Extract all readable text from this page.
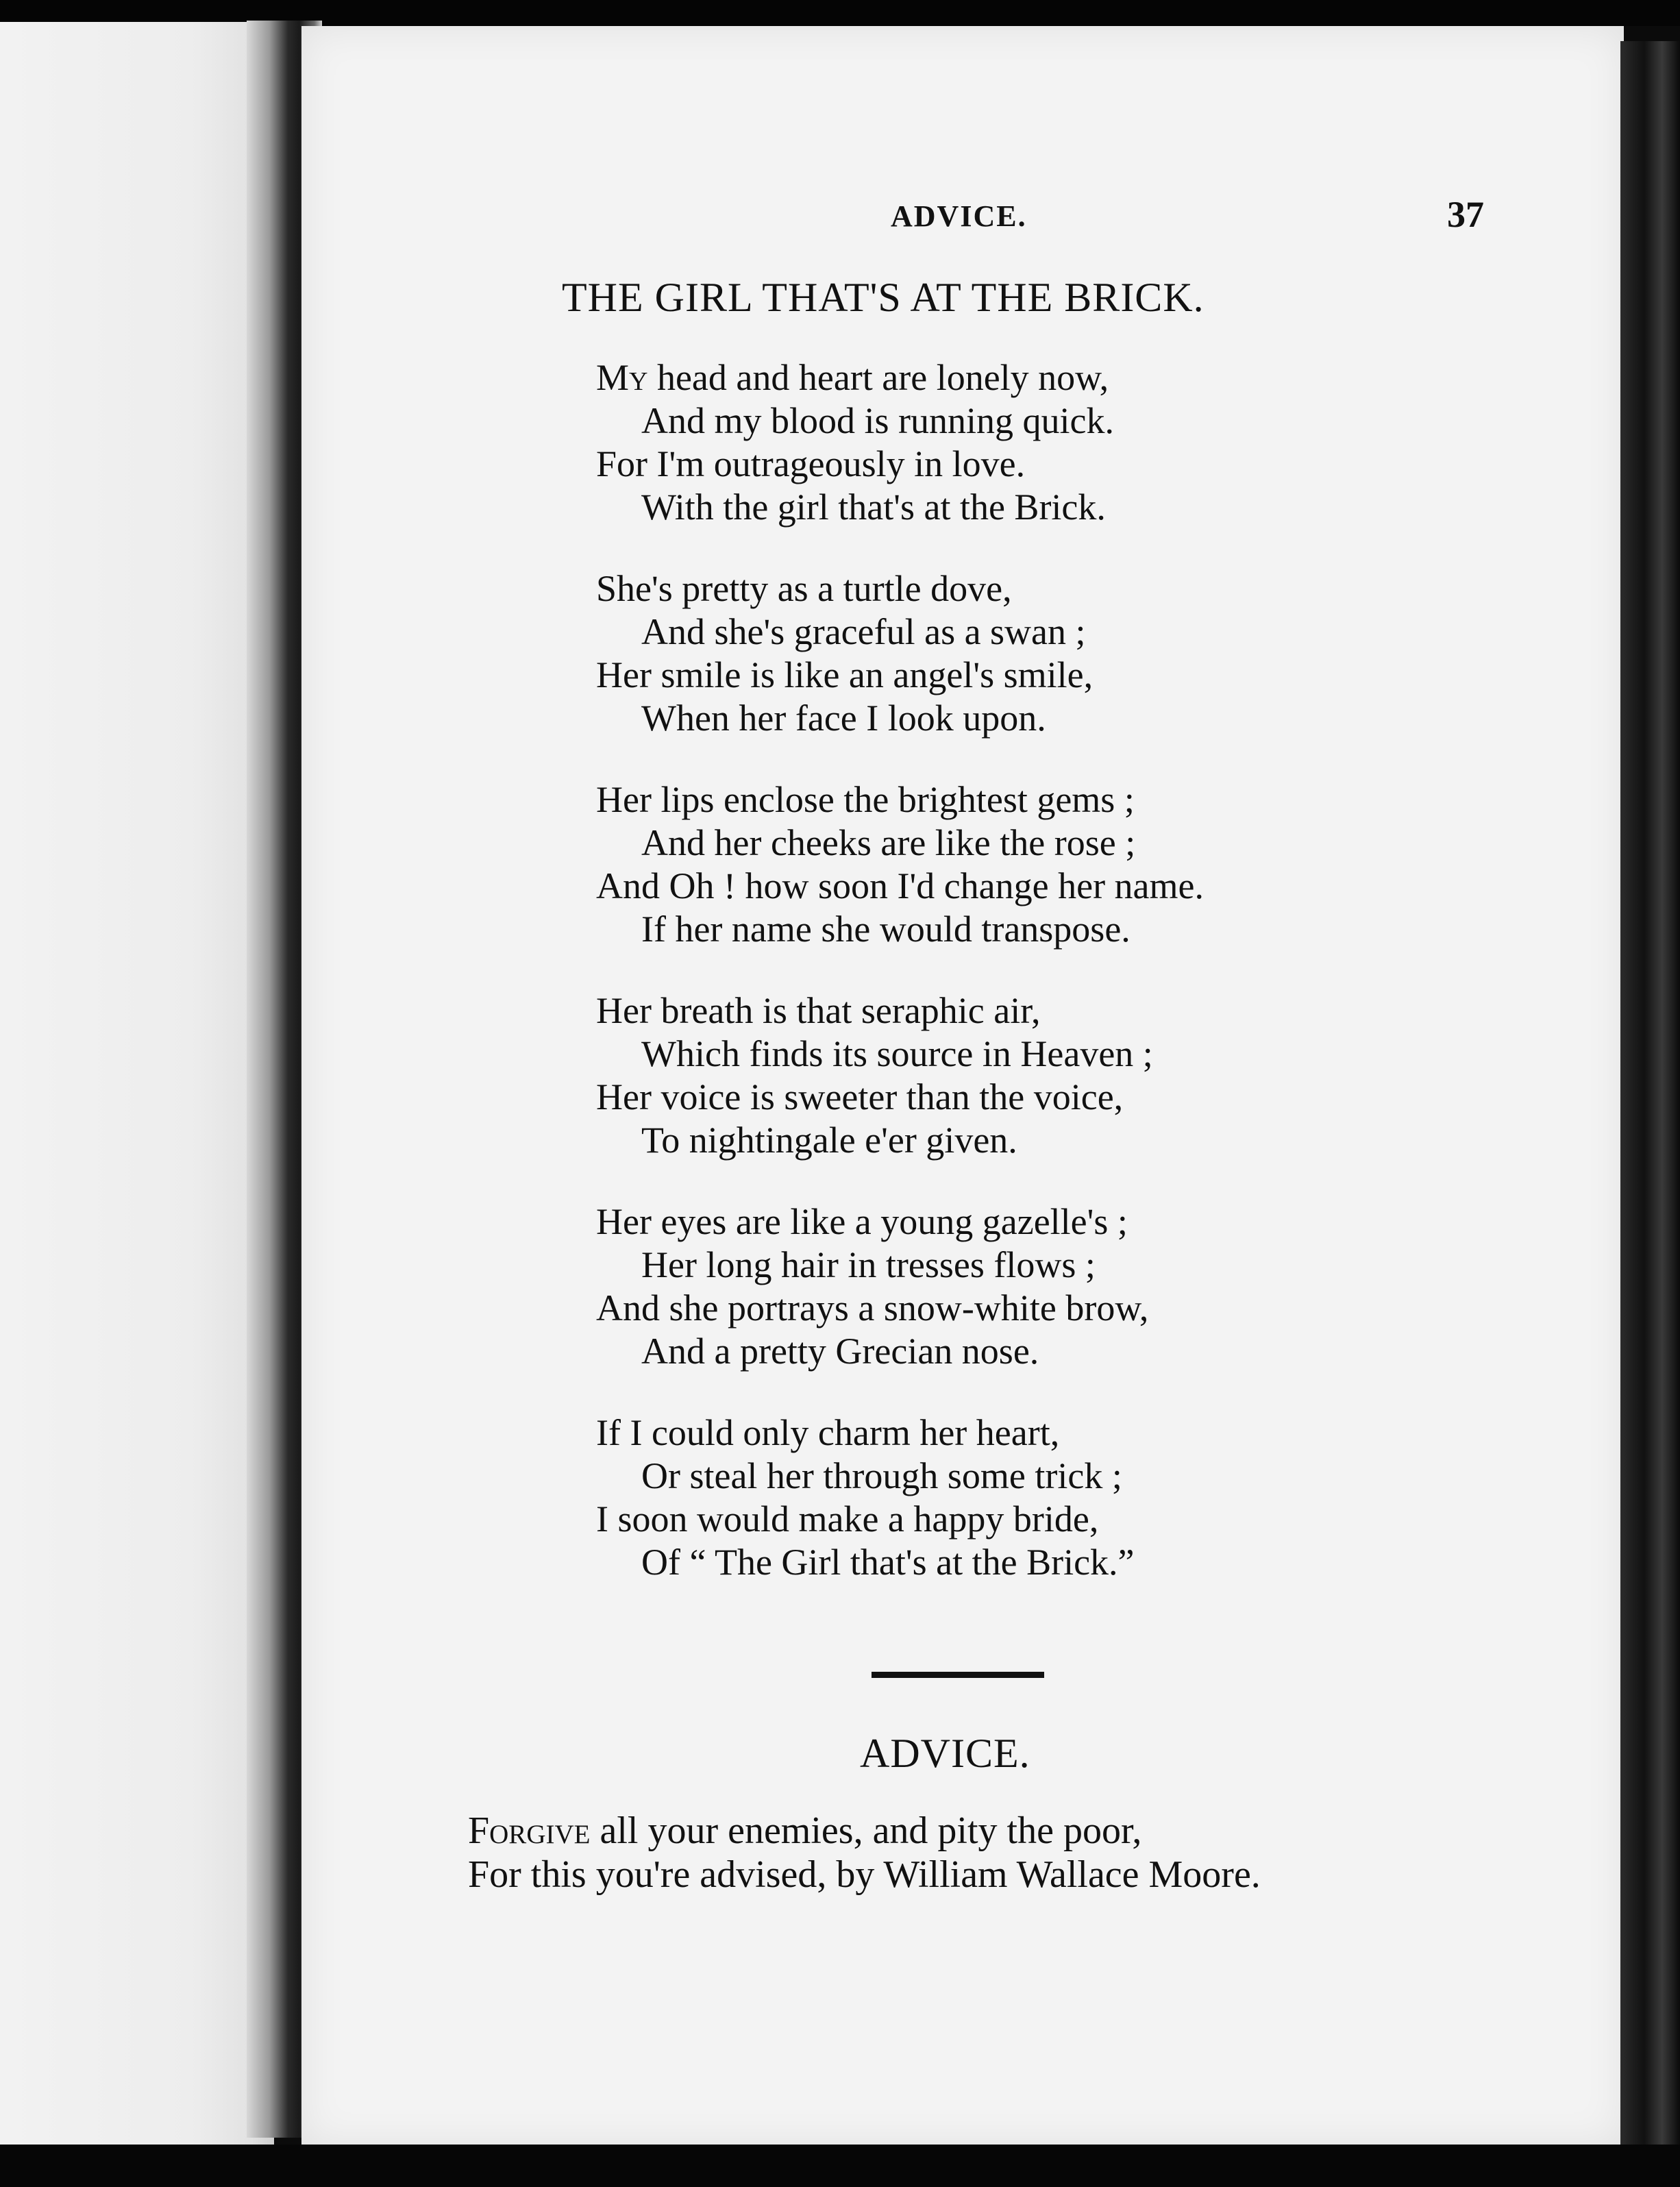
ADVICE.	37
THE GIRL THAT'S AT THE BRICK.
My head and heart are lonely now,
And my blood is running quick.
For I'm outrageously in love.
With the girl that's at the Brick.
She's pretty as a turtle dove,
And she's graceful as a swan ;
Her smile is like an angel's smile,
When her face I look upon.
Her lips enclose the brightest gems ;
And her cheeks are like the rose ;
And Oh ! how soon I'd change her name.
If her name she would transpose.
Her breath is that seraphic air,
Which finds its source in Heaven ;
Her voice is sweeter than the voice,
To nightingale e'er given.
Her eyes are like a young gazelle's ;
Her long hair in tresses flows ;
And she portrays a snow-white brow,
And a pretty Grecian nose.
If I could only charm her heart,
Or steal her through some trick ;
I soon would make a happy bride,
Of “ The Girl that's at the Brick.”
ADVICE.
Forgive all your enemies, and pity the poor,
For this you're advised, by William Wallace Moore.
